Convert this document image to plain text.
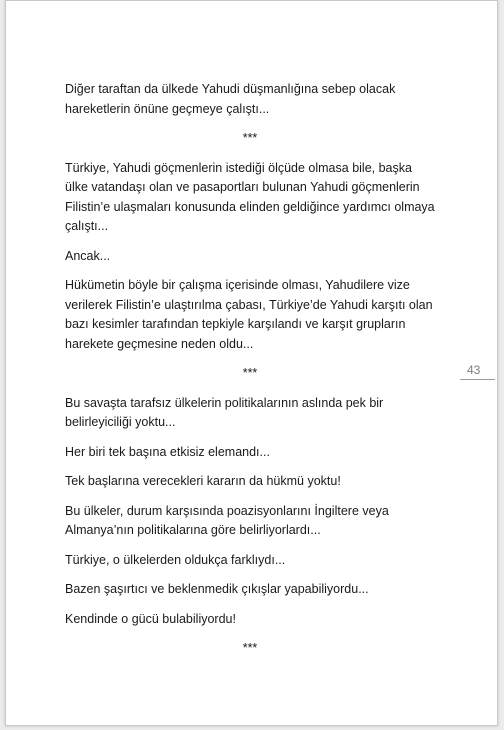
Diğer taraftan da ülkede Yahudi düşmanlığına sebep olacak hareketlerin önüne geçmeye çalıştı...

***

Türkiye, Yahudi göçmenlerin istediği ölçüde olmasa bile, başka ülke vatandaşı olan ve pasaportları bulunan Yahudi göçmenlerin Filistin’e ulaşmaları konusunda elinden geldiğince yardımcı olmaya çalıştı...

Ancak...

Hükümetin böyle bir çalışma içerisinde olması, Yahudilere vize verilerek Filistin’e ulaştırılma çabası, Türkiye’de Yahudi karşıtı olan bazı kesimler tarafından tepkiyle karşılandı ve karşıt grupların harekete geçmesine neden oldu...

***

Bu savaşta tarafsız ülkelerin politikalarının aslında pek bir belirleyiciliği yoktu...

Her biri tek başına etkisiz elemandı...

Tek başlarına verecekleri kararın da hükmü yoktu!

Bu ülkeler, durum karşısında poazisyonlarını İngiltere veya Almanya’nın politikalarına göre belirliyorlardı...

Türkiye, o ülkelerden oldukça farklıydı...

Bazen şaşırtıcı ve beklenmedik çıkışlar yapabiliyordu...

Kendinde o gücü bulabiliyordu!

***

43
